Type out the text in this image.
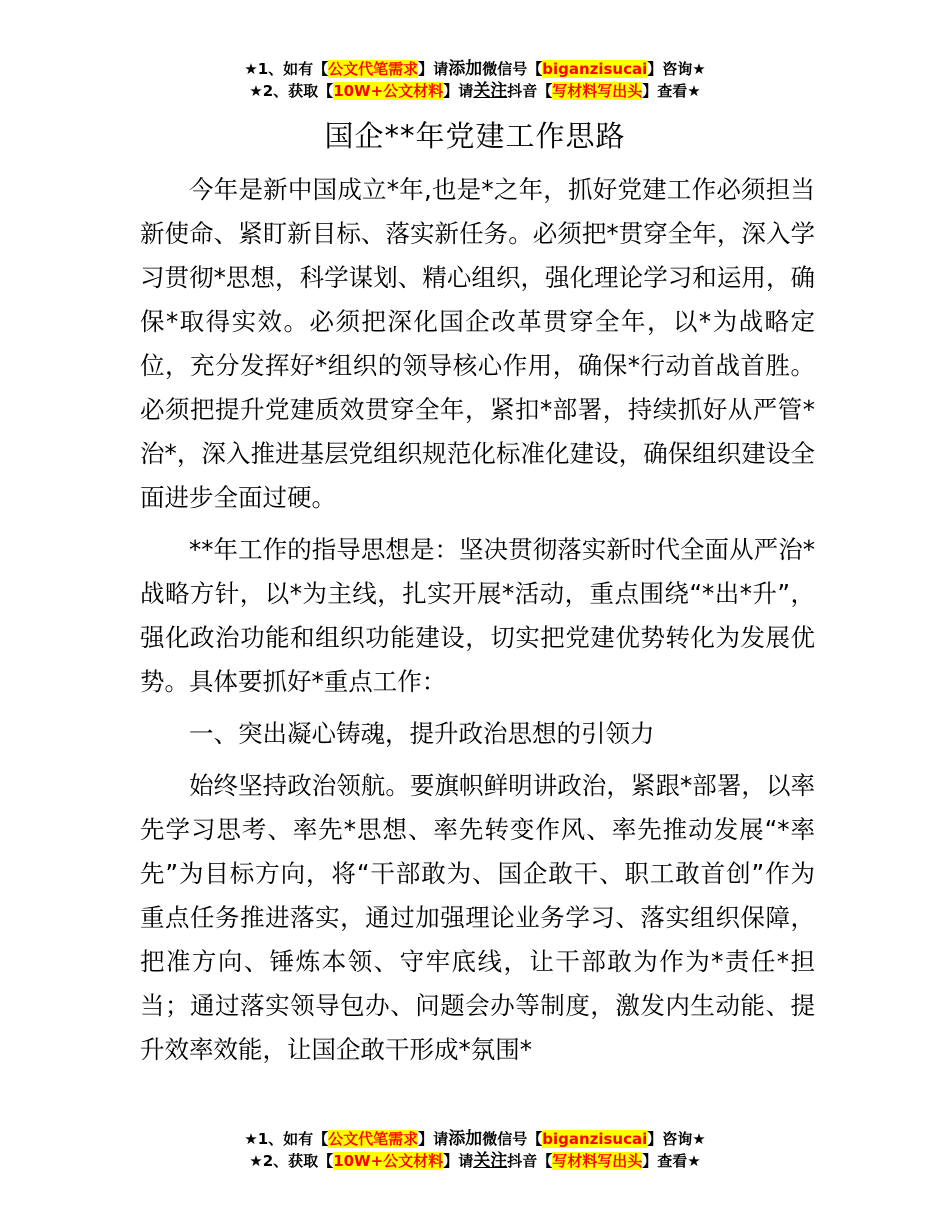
★1、如有【公文代笔需求】请添加微信号【biganzisucai】咨询★
★2、获取【10W+公文材料】请关注抖音【写材料写出头】查看★
国企**年党建工作思路

今年是新中国成立*年,也是*之年，抓好党建工作必须担当新使命、紧盯新目标、落实新任务。必须把*贯穿全年，深入学习贯彻*思想，科学谋划、精心组织，强化理论学习和运用，确保*取得实效。必须把深化国企改革贯穿全年，以*为战略定位，充分发挥好*组织的领导核心作用，确保*行动首战首胜。必须把提升党建质效贯穿全年，紧扣*部署，持续抓好从严管*治*，深入推进基层党组织规范化标准化建设，确保组织建设全面进步全面过硬。

**年工作的指导思想是：坚决贯彻落实新时代全面从严治*战略方针，以*为主线，扎实开展*活动，重点围绕“*出*升”，强化政治功能和组织功能建设，切实把党建优势转化为发展优势。具体要抓好*重点工作：

一、突出凝心铸魂，提升政治思想的引领力

始终坚持政治领航。要旗帜鲜明讲政治，紧跟*部署，以率先学习思考、率先*思想、率先转变作风、率先推动发展“*率先”为目标方向，将“干部敢为、国企敢干、职工敢首创”作为重点任务推进落实，通过加强理论业务学习、落实组织保障，把准方向、锤炼本领、守牢底线，让干部敢为作为*责任*担当；通过落实领导包办、问题会办等制度，激发内生动能、提升效率效能，让国企敢干形成*氛围*

★1、如有【公文代笔需求】请添加微信号【biganzisucai】咨询★
★2、获取【10W+公文材料】请关注抖音【写材料写出头】查看★
